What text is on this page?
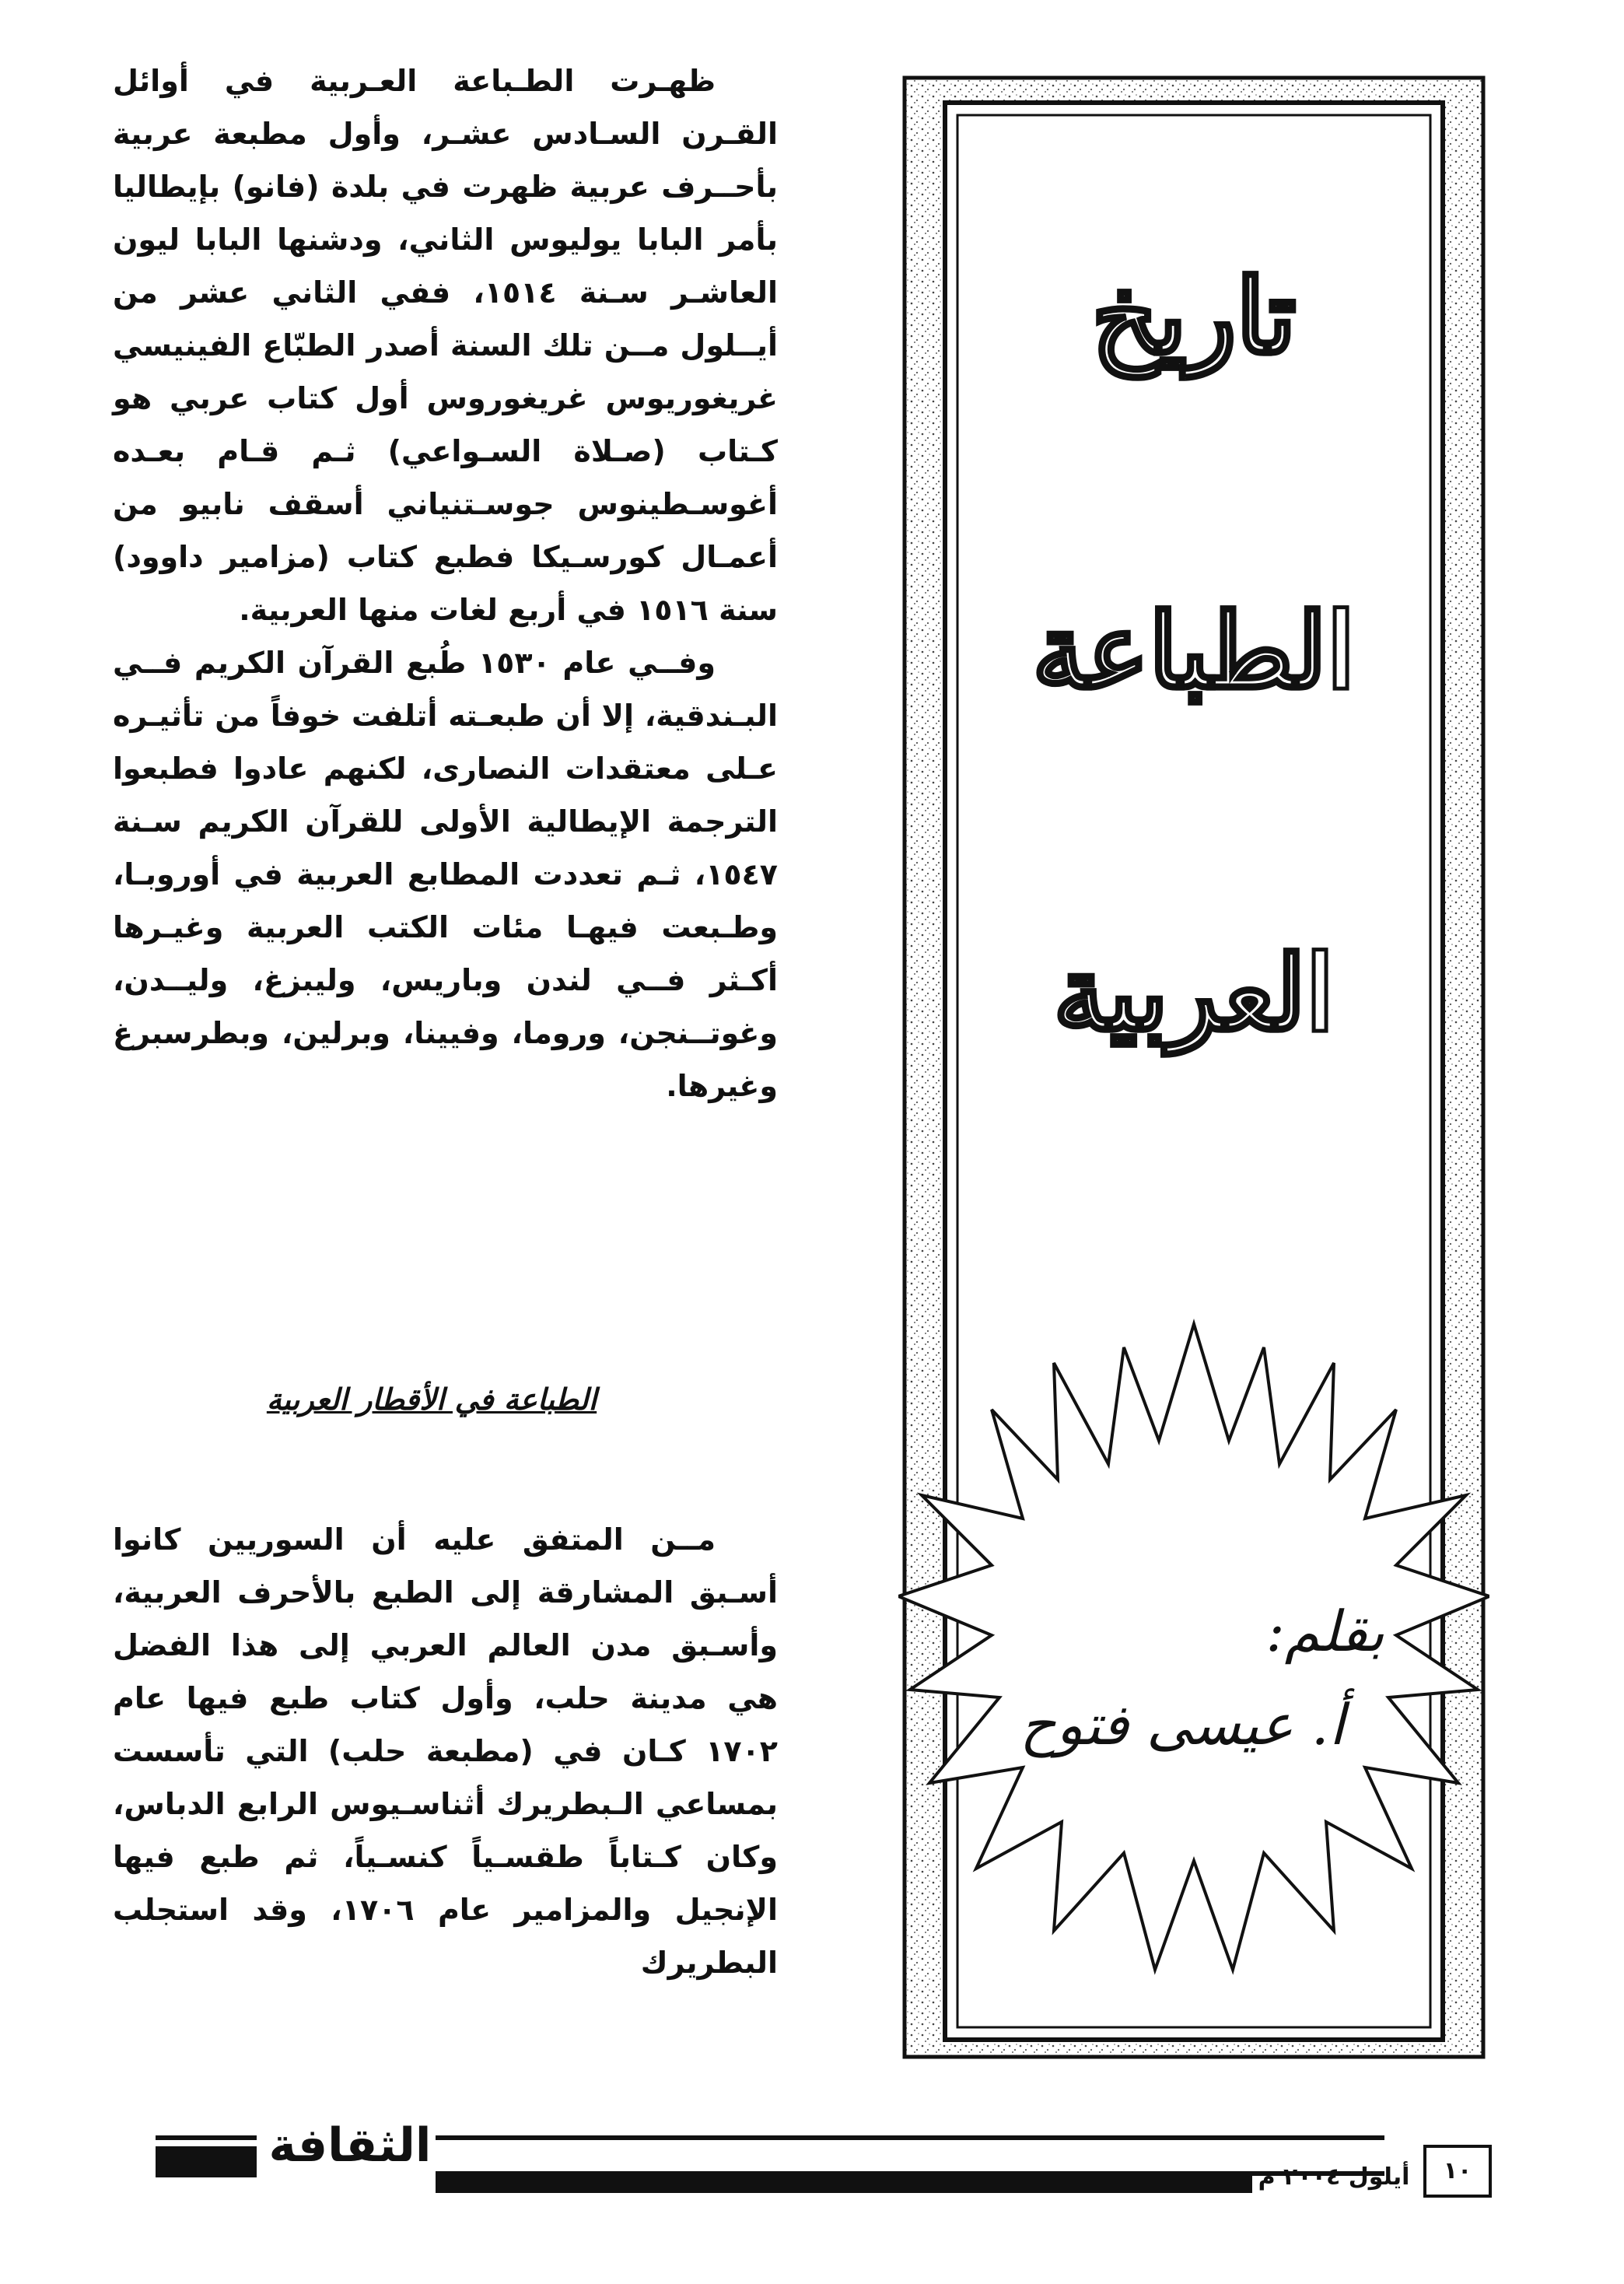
ظهـرت الطـباعة العـربية في أوائل القـرن السـادس عشـر، وأول مطبعة عربية بأحــرف عربية ظهرت في بلدة (فانو) بإيطاليا بأمر البابا يوليوس الثاني، ودشنها البابا ليون العاشـر سـنة ١٥١٤، ففي الثاني عشر من أيــلول مــن تلك السنة أصدر الطبّاع الفينيسي غريغوريوس غريغوروس أول كتاب عربي هو كـتاب (صـلاة السـواعي) ثـم قـام بعـده أغوسـطينوس جوسـتنياني أسقف نابيو من أعمـال كورسـيكا فطبع كتاب (مزامير داوود) سنة ١٥١٦ في أربع لغات منها العربية.

وفــي عام ١٥٣٠ طُبع القرآن الكريم فــي البـندقية، إلا أن طبعـته أتلفت خوفاً من تأثيـره عـلى معتقدات النصارى، لكنهم عادوا فطبعوا الترجمة الإيطالية الأولى للقرآن الكريم سـنة ١٥٤٧، ثـم تعددت المطابع العربية في أوروبـا، وطـبعت فيهـا مئات الكتب العربية وغيـرها أكـثر فــي لندن وباريس، وليبزغ، وليــدن، وغوتــنجن، وروما، وفيينا، وبرلين، وبطرسبرغ وغيرها.

الطباعة في الأقطار العربية

مــن المتفق عليه أن السوريين كانوا أسـبق المشارقة إلى الطبع بالأحرف العربية، وأسـبق مدن العالم العربي إلى هذا الفضل هي مدينة حلب، وأول كتاب طبع فيها عام ١٧٠٢ كـان في (مطبعة حلب) التي تأسست بمساعي الـبطريرك أثناسـيوس الرابع الدباس، وكان كـتاباً طقسـياً كنسـياً، ثم طبع فيها الإنجيل والمزامير عام ١٧٠٦، وقد استجلب البطريرك

تاريخ
الطباعة
العربية
بقلم:
أ. عيسى فتوح
الثقافة
أيلول ٢٠٠٤ م	١٠
